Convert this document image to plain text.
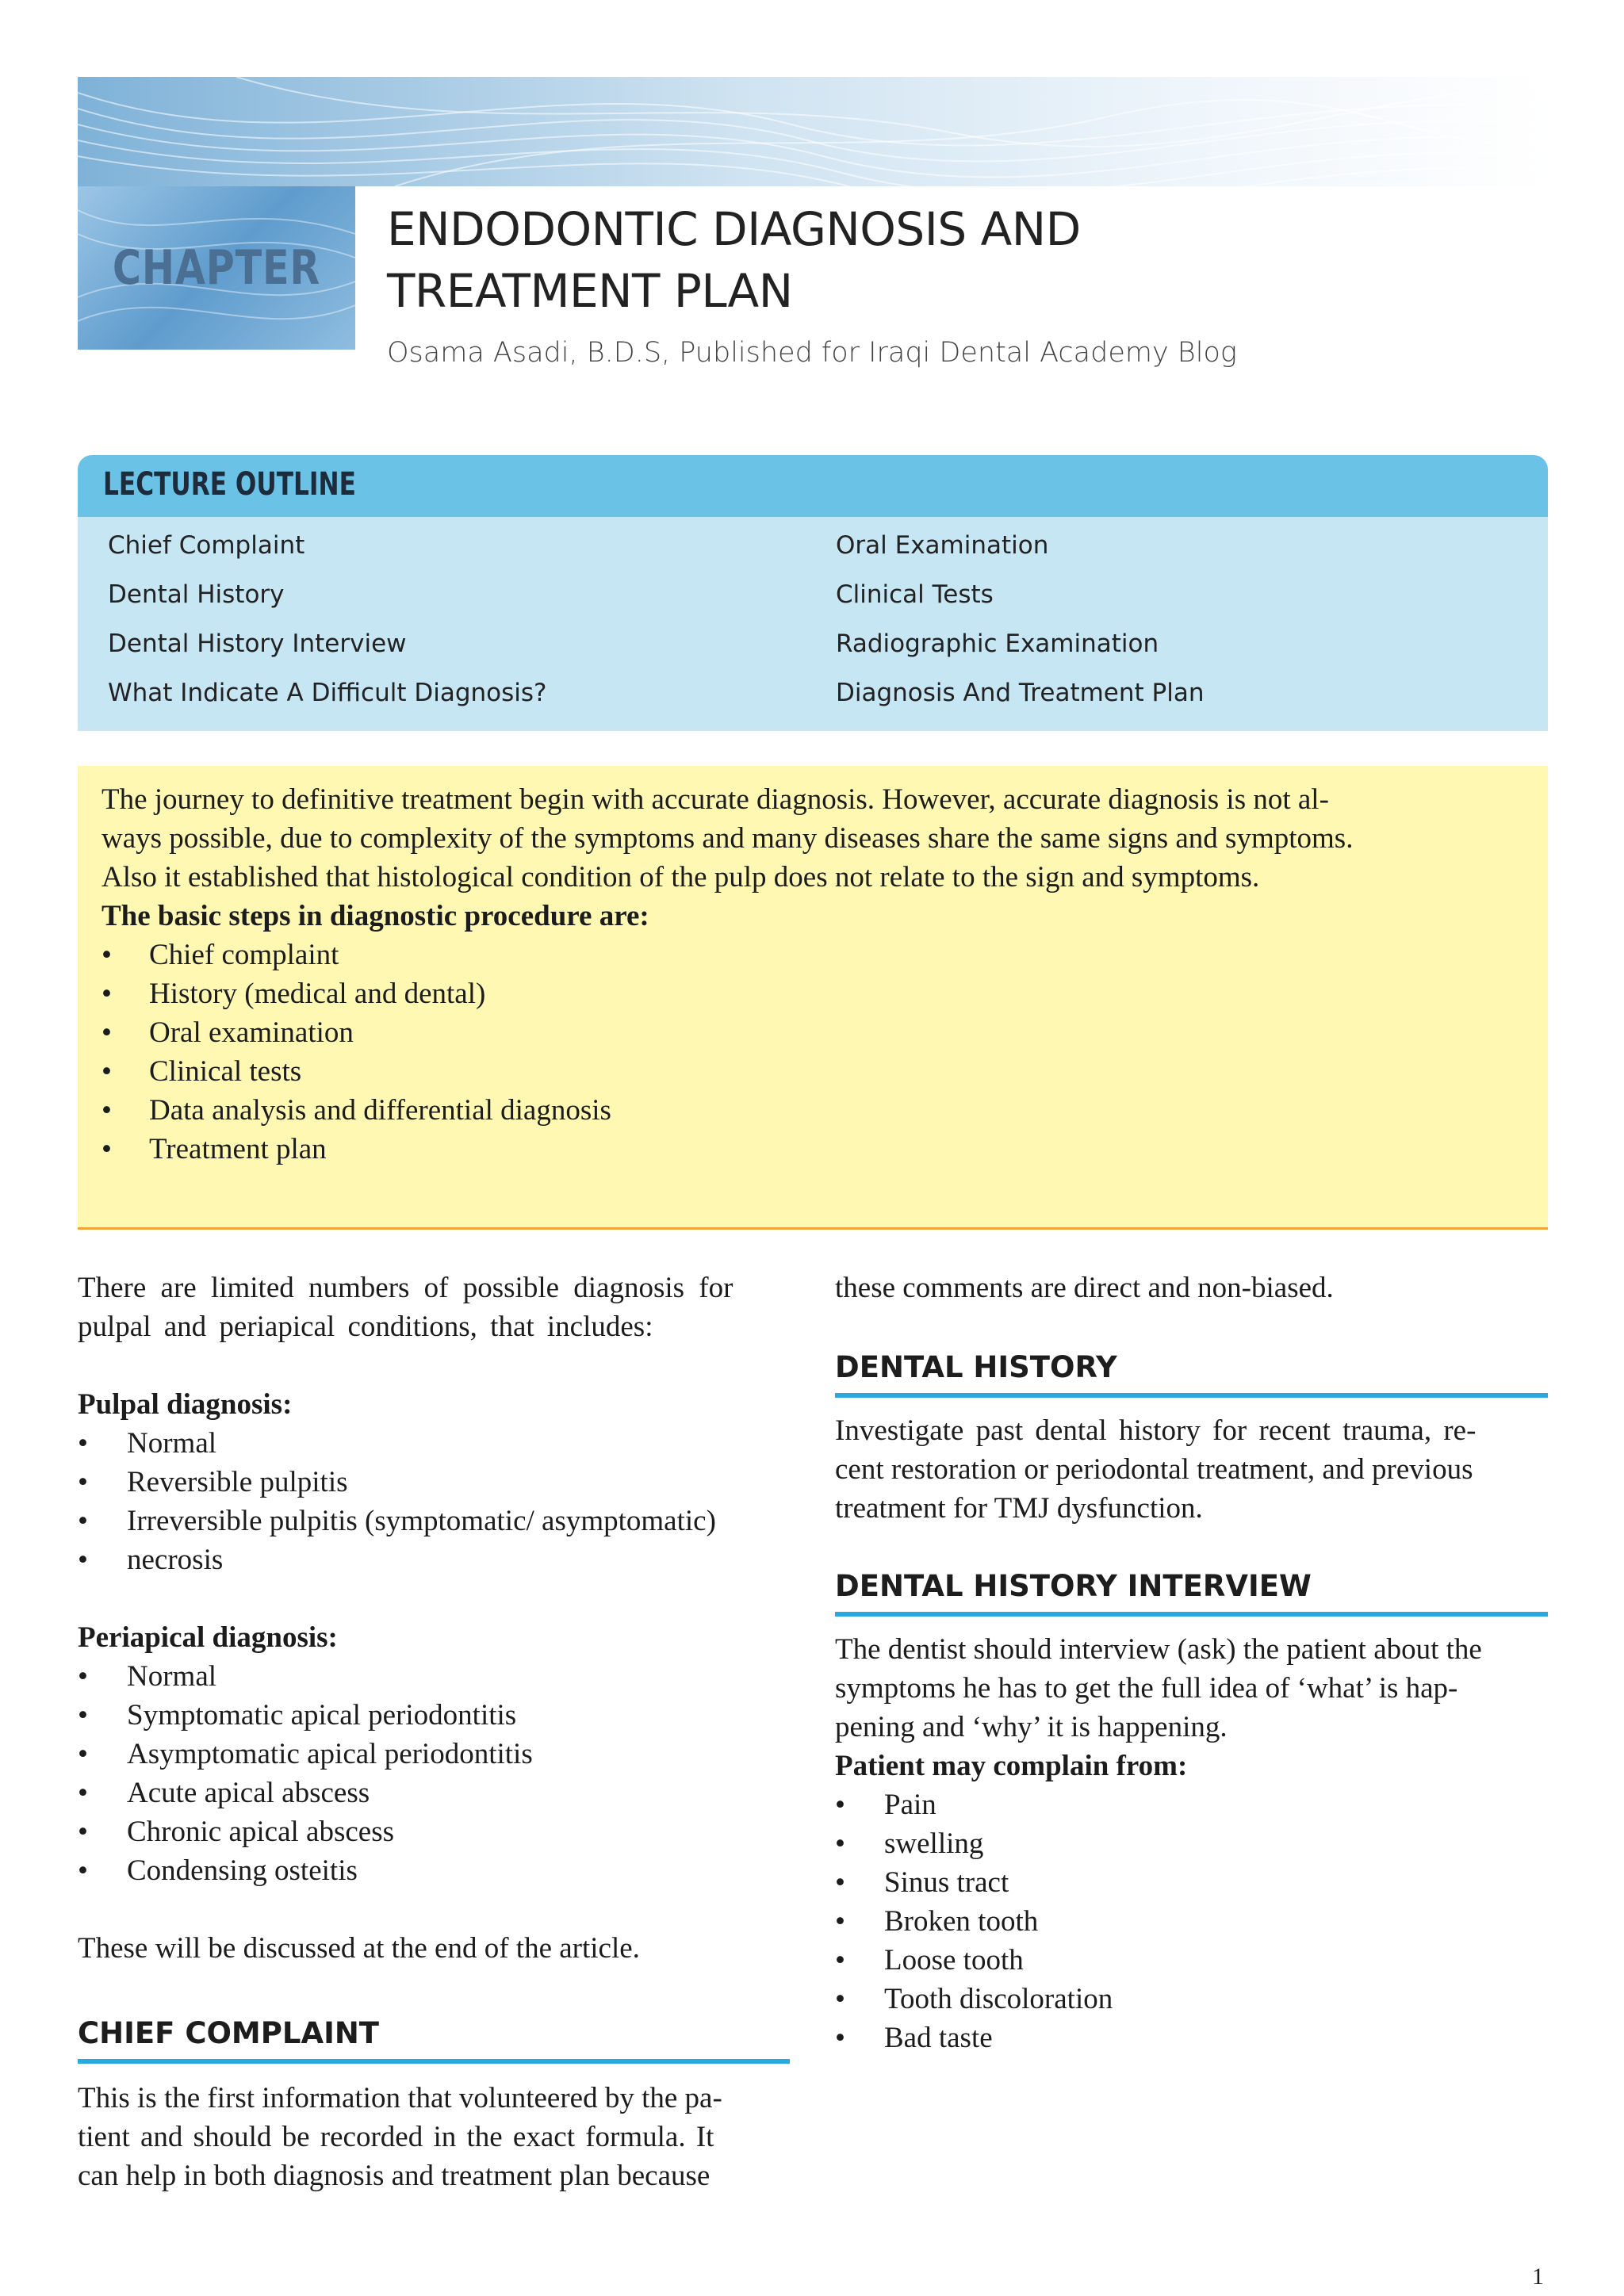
CHAPTER
ENDODONTIC DIAGNOSIS AND
TREATMENT PLAN
Osama Asadi, B.D.S, Published for Iraqi Dental Academy Blog
LECTURE OUTLINE
Chief Complaint
Dental History
Dental History Interview
What Indicate A Difficult Diagnosis?
Oral Examination
Clinical Tests
Radiographic Examination
Diagnosis And Treatment Plan
The journey to definitive treatment begin with accurate diagnosis. However, accurate diagnosis is not al-
ways possible, due to complexity of the symptoms and many diseases share the same signs and symptoms.
Also it established that histological condition of the pulp does not relate to the sign and symptoms.
The basic steps in diagnostic procedure are:
• Chief complaint
• History (medical and dental)
• Oral examination
• Clinical tests
• Data analysis and differential diagnosis
• Treatment plan
There are limited numbers of possible diagnosis for
pulpal and periapical conditions, that includes:
Pulpal diagnosis:
• Normal
• Reversible pulpitis
• Irreversible pulpitis (symptomatic/ asymptomatic)
• necrosis
Periapical diagnosis:
• Normal
• Symptomatic apical periodontitis
• Asymptomatic apical periodontitis
• Acute apical abscess
• Chronic apical abscess
• Condensing osteitis
These will be discussed at the end of the article.
CHIEF COMPLAINT
This is the first information that volunteered by the pa-
tient and should be recorded in the exact formula. It
can help in both diagnosis and treatment plan because
these comments are direct and non-biased.
DENTAL HISTORY
Investigate past dental history for recent trauma, re-
cent restoration or periodontal treatment, and previous
treatment for TMJ dysfunction.
DENTAL HISTORY INTERVIEW
The dentist should interview (ask) the patient about the
symptoms he has to get the full idea of ‘what’ is hap-
pening and ‘why’ it is happening.
Patient may complain from:
• Pain
• swelling
• Sinus tract
• Broken tooth
• Loose tooth
• Tooth discoloration
• Bad taste
1
